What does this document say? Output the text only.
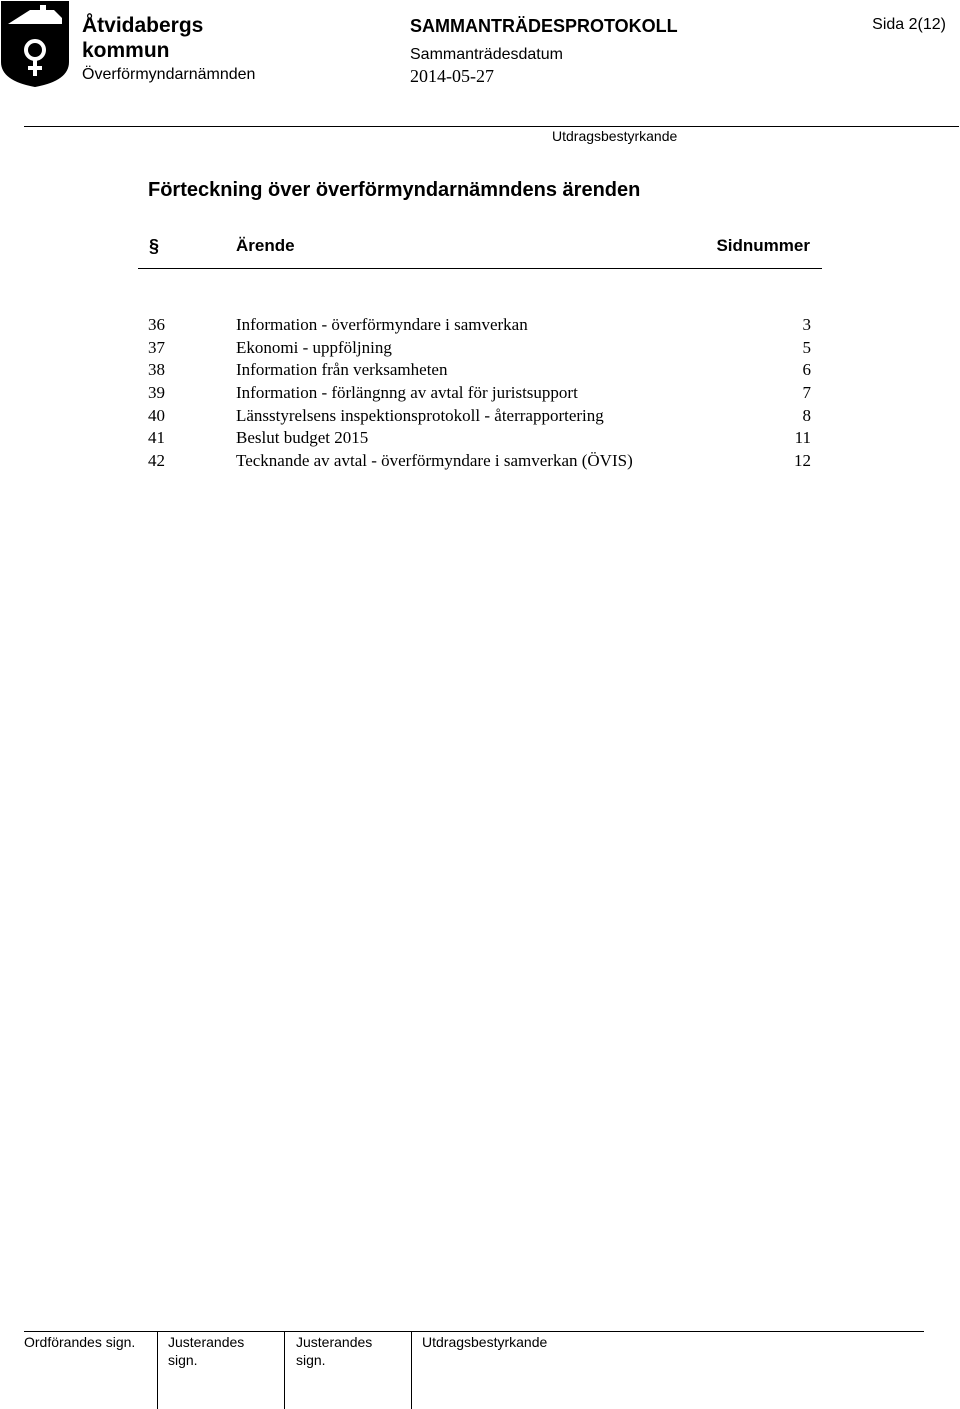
Åtvidabergs
kommun
Överförmyndarnämnden
SAMMANTRÄDESPROTOKOLL
Sammanträdesdatum
2014-05-27
Sida 2(12)
Utdragsbestyrkande
Förteckning över överförmyndarnämndens ärenden
§	Ärende	Sidnummer
36	Information - överförmyndare i samverkan	3
37	Ekonomi - uppföljning	5
38	Information från verksamheten	6
39	Information - förlängnng av avtal för juristsupport	7
40	Länsstyrelsens inspektionsprotokoll - återrapportering	8
41	Beslut budget 2015	11
42	Tecknande av avtal - överförmyndare i samverkan (ÖVIS)	12
Ordförandes sign. Justerandes
sign.
Justerandes
sign.
Utdragsbestyrkande
